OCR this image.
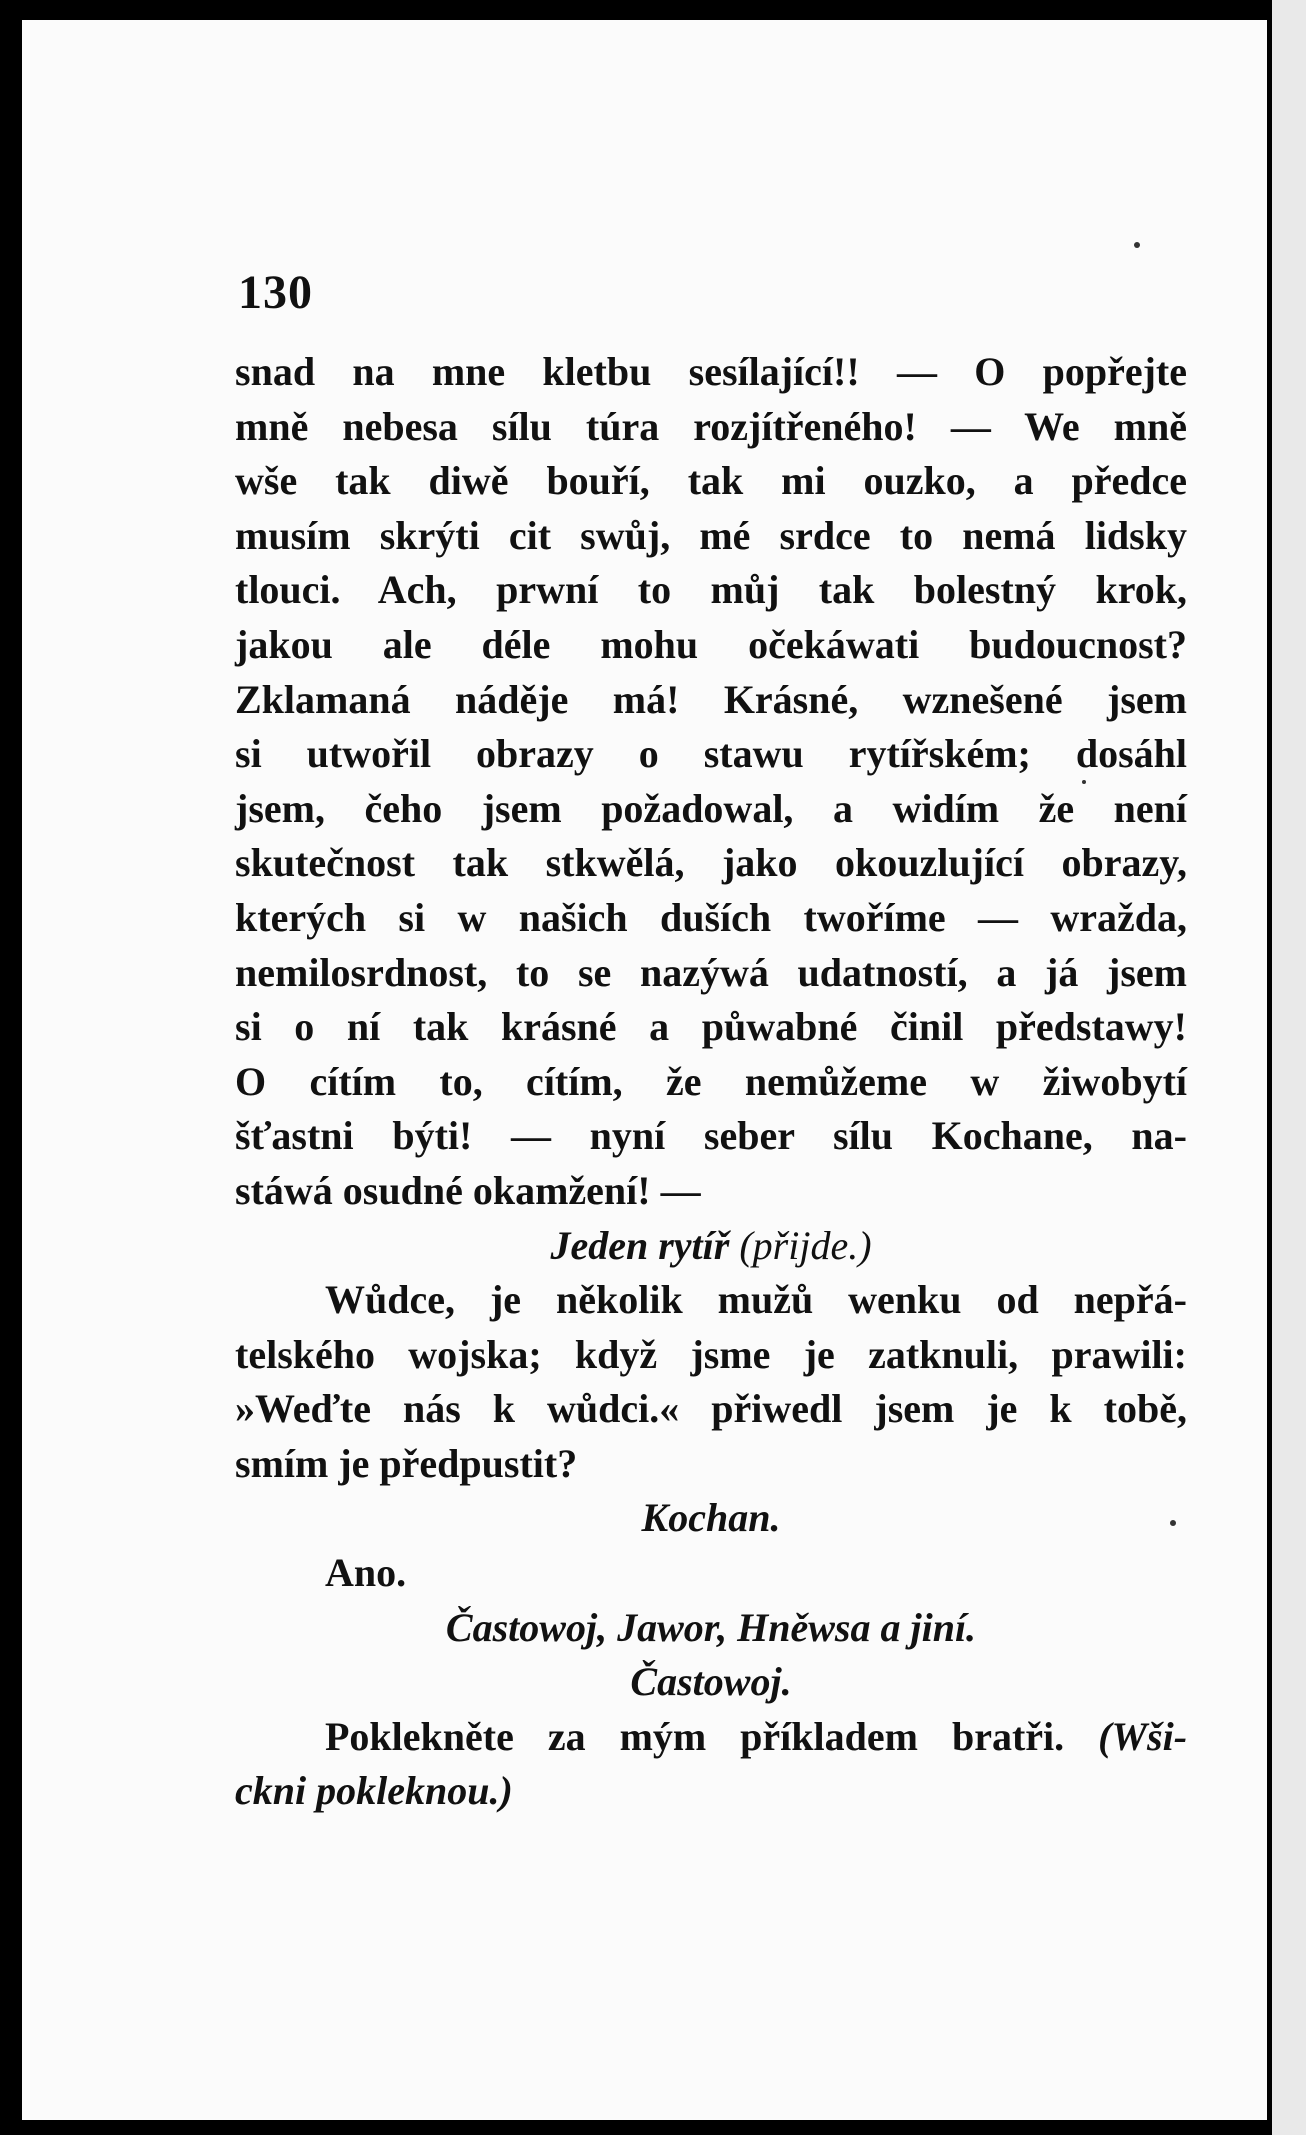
130
snad na mne kletbu sesílající!! — O popřejte
mně nebesa sílu túra rozjítřeného! — We mně
wše tak diwě bouří, tak mi ouzko, a předce
musím skrýti cit swůj, mé srdce to nemá lidsky
tlouci. Ach, prwní to můj tak bolestný krok,
jakou ale déle mohu očekáwati budoucnost?
Zklamaná náděje má! Krásné, wznešené jsem
si utwořil obrazy o stawu rytířském; dosáhl
jsem, čeho jsem požadowal, a widím že není
skutečnost tak stkwělá, jako okouzlující obrazy,
kterých si w našich duších twoříme — wražda,
nemilosrdnost, to se nazýwá udatností, a já jsem
si o ní tak krásné a půwabné činil předstawy!
O cítím to, cítím, že nemůžeme w žiwobytí
šťastni býti! — nyní seber sílu Kochane, na-
stáwá osudné okamžení! —
Jeden rytíř (přijde.)
Wůdce, je několik mužů wenku od nepřá-
telského wojska; když jsme je zatknuli, prawili:
»Weďte nás k wůdci.« přiwedl jsem je k tobě,
smím je předpustit?
Kochan.
Ano.
Častowoj, Jawor, Hněwsa a jiní.
Častowoj.
Poklekněte za mým příkladem bratři. (Wši-
ckni pokleknou.)
